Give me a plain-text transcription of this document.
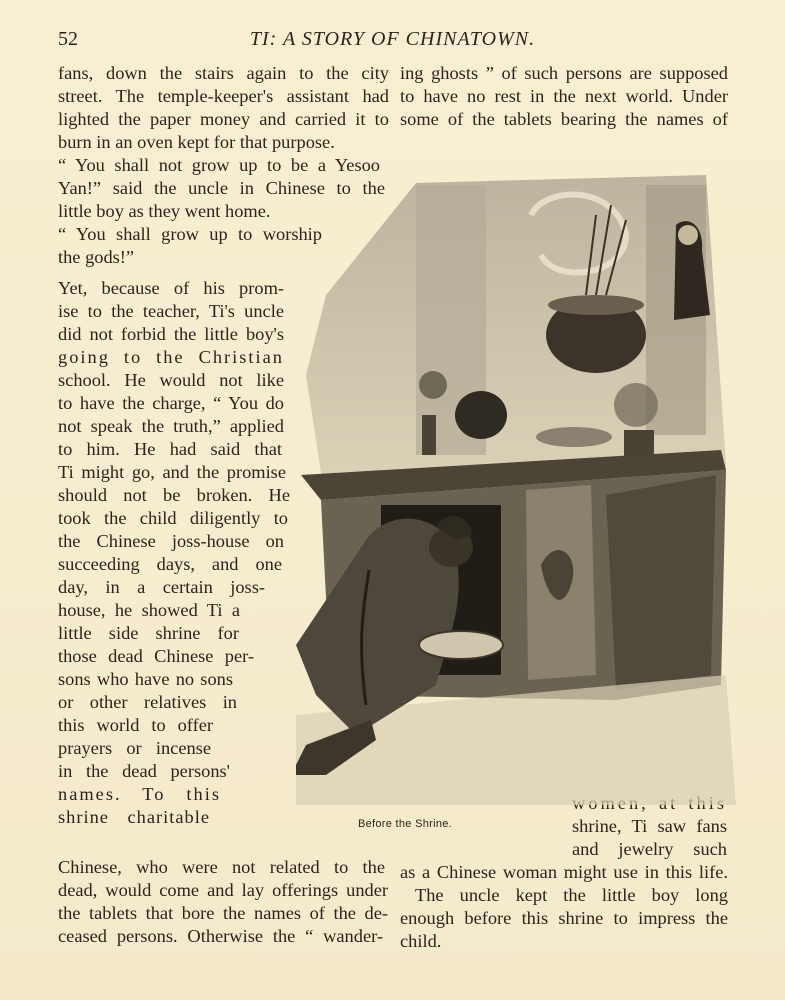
52	TI: A STORY OF CHINATOWN.
fans, down the stairs again to the city
street. The temple-keeper's assistant had
lighted the paper money and carried it to
burn in an oven kept for that purpose.
“ You shall not grow up to be a Yesoo
Yan!” said the uncle in Chinese to the
little boy as they went home.
“ You shall grow up to worship
the gods!”
Yet, because of his prom-
ise to the teacher, Ti's uncle
did not forbid the little boy's
going to the Christian
school. He would not like
to have the charge, “ You do
not speak the truth,” applied
to him. He had said that
Ti might go, and the promise
should not be broken. He
took the child diligently to
the Chinese joss-house on
succeeding days, and one
day, in a certain joss-
house, he showed Ti a
little side shrine for
those dead Chinese per-
sons who have no sons
or other relatives in
this world to offer
prayers or incense
in the dead persons'
names. To this
shrine charitable
Chinese, who were not related to the
dead, would come and lay offerings under
the tablets that bore the names of the de-
ceased persons. Otherwise the “ wander-
ing ghosts ” of such persons are supposed
to have no rest in the next world. Under
some of the tablets bearing the names of
shrine, Ti saw fans
and jewelry such
as a Chinese woman might use in this life.
The uncle kept the little boy long
enough before this shrine to impress the
child.
Before the Shrine.
